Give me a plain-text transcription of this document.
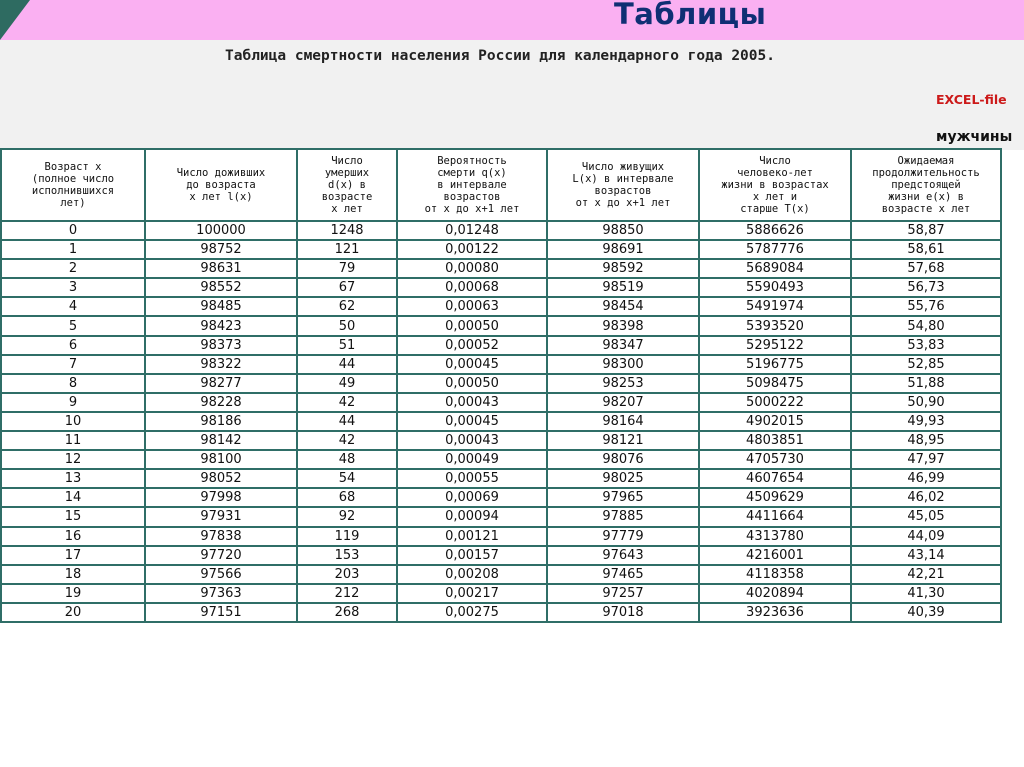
Таблицы
Таблица смертности населения России для календарного года 2005.
EXCEL-file
мужчины
Возраст x
(полное число
исполнившихся
лет)	Число доживших
до возраста
x лет l(x)	Число
умерших
d(x) в
возрасте
x лет	Вероятность
смерти q(x)
в интервале
возрастов
от x до x+1 лет	Число живущих
L(x) в интервале
возрастов
от x до x+1 лет	Число
человеко-лет
жизни в возрастах
x лет и
старше T(x)	Ожидаемая
продолжительность
предстоящей
жизни e(x) в
возрасте x лет
0	100000	1248	0,01248	98850	5886626	58,87
1	98752	121	0,00122	98691	5787776	58,61
2	98631	79	0,00080	98592	5689084	57,68
3	98552	67	0,00068	98519	5590493	56,73
4	98485	62	0,00063	98454	5491974	55,76
5	98423	50	0,00050	98398	5393520	54,80
6	98373	51	0,00052	98347	5295122	53,83
7	98322	44	0,00045	98300	5196775	52,85
8	98277	49	0,00050	98253	5098475	51,88
9	98228	42	0,00043	98207	5000222	50,90
10	98186	44	0,00045	98164	4902015	49,93
11	98142	42	0,00043	98121	4803851	48,95
12	98100	48	0,00049	98076	4705730	47,97
13	98052	54	0,00055	98025	4607654	46,99
14	97998	68	0,00069	97965	4509629	46,02
15	97931	92	0,00094	97885	4411664	45,05
16	97838	119	0,00121	97779	4313780	44,09
17	97720	153	0,00157	97643	4216001	43,14
18	97566	203	0,00208	97465	4118358	42,21
19	97363	212	0,00217	97257	4020894	41,30
20	97151	268	0,00275	97018	3923636	40,39
